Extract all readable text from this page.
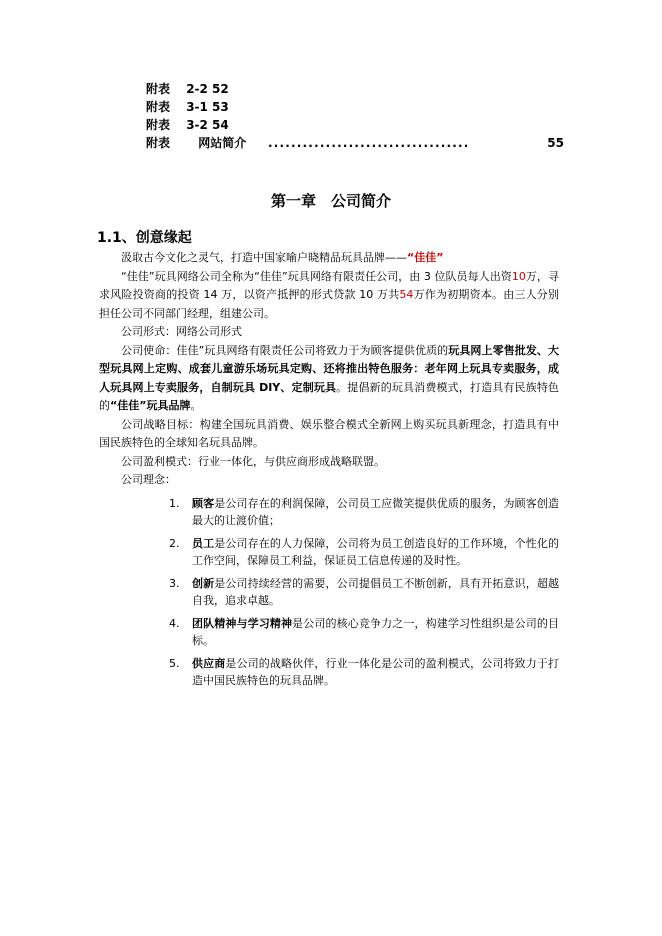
附表 2-2 52
附表 3-1 53
附表 3-2 54
附表 网站简介 ...................................	55
第一章　公司简介
1.1、创意缘起

汲取古今文化之灵气，打造中国家喻户晓精品玩具品牌——“佳佳”

“佳佳”玩具网络公司全称为“佳佳”玩具网络有限责任公司，由 3 位队员每人出资10万，寻求风险投资商的投资 14 万，以资产抵押的形式贷款 10 万共54万作为初期资本。由三人分别担任公司不同部门经理，组建公司。

公司形式：网络公司形式

公司使命：佳佳”玩具网络有限责任公司将致力于为顾客提供优质的玩具网上零售批发、大型玩具网上定购、成套儿童游乐场玩具定购、还将推出特色服务：老年网上玩具专卖服务，成人玩具网上专卖服务，自制玩具 DIY、定制玩具。提倡新的玩具消费模式，打造具有民族特色的“佳佳”玩具品牌。

公司战略目标：构建全国玩具消费、娱乐整合模式全新网上购买玩具新理念，打造具有中国民族特色的全球知名玩具品牌。

公司盈利模式：行业一体化，与供应商形成战略联盟。

公司理念：

1. 顾客是公司存在的利润保障，公司员工应微笑提供优质的服务，为顾客创造最大的让渡价值；
2. 员工是公司存在的人力保障，公司将为员工创造良好的工作环境，个性化的工作空间，保障员工利益，保证员工信息传递的及时性。
3. 创新是公司持续经营的需要，公司提倡员工不断创新，具有开拓意识，超越自我，追求卓越。
4. 团队精神与学习精神是公司的核心竞争力之一，构建学习性组织是公司的目标。
5. 供应商是公司的战略伙伴，行业一体化是公司的盈利模式，公司将致力于打造中国民族特色的玩具品牌。
